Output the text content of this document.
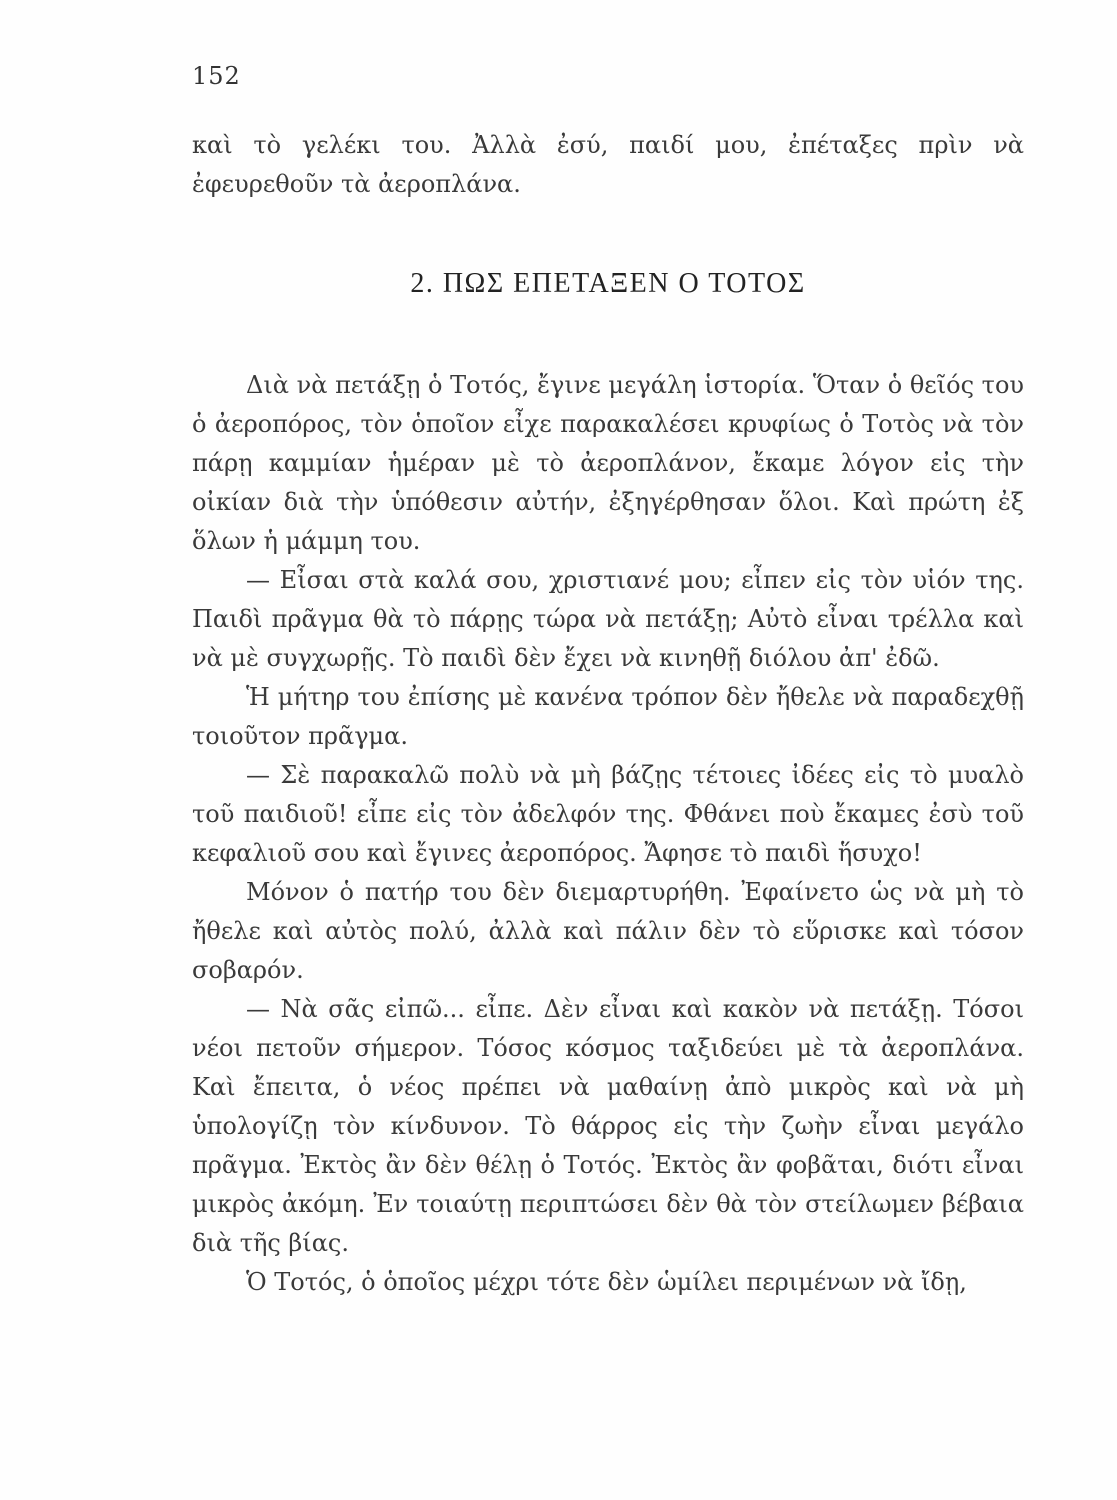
152
καὶ τὸ γελέκι του. Ἀλλὰ ἐσύ, παιδί μου, ἐπέταξες πρὶν νὰ ἐφευρεθοῦν τὰ ἀεροπλάνα.
2. ΠΩΣ ΕΠΕΤΑΞΕΝ Ο ΤΟΤΟΣ

Διὰ νὰ πετάξῃ ὁ Τοτός, ἔγινε μεγάλη ἱστορία. Ὅταν ὁ θεῖός του ὁ ἀεροπόρος, τὸν ὁποῖον εἶχε παρακαλέσει κρυφίως ὁ Τοτὸς νὰ τὸν πάρῃ καμμίαν ἡμέραν μὲ τὸ ἀεροπλάνον, ἔκαμε λόγον εἰς τὴν οἰκίαν διὰ τὴν ὑπόθεσιν αὐτήν, ἐξηγέρθησαν ὅλοι. Καὶ πρώτη ἐξ ὅλων ἡ μάμμη του.

— Εἶσαι στὰ καλά σου, χριστιανέ μου; εἶπεν εἰς τὸν υἱόν της. Παιδὶ πρᾶγμα θὰ τὸ πάρῃς τώρα νὰ πετάξῃ; Αὐτὸ εἶναι τρέλλα καὶ νὰ μὲ συγχωρῇς. Τὸ παιδὶ δὲν ἔχει νὰ κινηθῇ διόλου ἀπ' ἐδῶ.

Ἡ μήτηρ του ἐπίσης μὲ κανένα τρόπον δὲν ἤθελε νὰ παραδεχθῇ τοιοῦτον πρᾶγμα.

— Σὲ παρακαλῶ πολὺ νὰ μὴ βάζῃς τέτοιες ἰδέες εἰς τὸ μυαλὸ τοῦ παιδιοῦ! εἶπε εἰς τὸν ἀδελφόν της. Φθάνει ποὺ ἔκαμες ἐσὺ τοῦ κεφαλιοῦ σου καὶ ἔγινες ἀεροπόρος. Ἄφησε τὸ παιδὶ ἥσυχο!

Μόνον ὁ πατήρ του δὲν διεμαρτυρήθη. Ἐφαίνετο ὡς νὰ μὴ τὸ ἤθελε καὶ αὐτὸς πολύ, ἀλλὰ καὶ πάλιν δὲν τὸ εὕρισκε καὶ τόσον σοβαρόν.

— Νὰ σᾶς εἰπῶ... εἶπε. Δὲν εἶναι καὶ κακὸν νὰ πετάξῃ. Τόσοι νέοι πετοῦν σήμερον. Τόσος κόσμος ταξιδεύει μὲ τὰ ἀεροπλάνα. Καὶ ἔπειτα, ὁ νέος πρέπει νὰ μαθαίνῃ ἀπὸ μικρὸς καὶ νὰ μὴ ὑπολογίζῃ τὸν κίνδυνον. Τὸ θάρρος εἰς τὴν ζωὴν εἶναι μεγάλο πρᾶγμα. Ἐκτὸς ἂν δὲν θέλῃ ὁ Τοτός. Ἐκτὸς ἂν φοβᾶται, διότι εἶναι μικρὸς ἀκόμη. Ἐν τοιαύτῃ περιπτώσει δὲν θὰ τὸν στείλωμεν βέβαια διὰ τῆς βίας.

Ὁ Τοτός, ὁ ὁποῖος μέχρι τότε δὲν ὡμίλει περιμένων νὰ ἴδῃ,
